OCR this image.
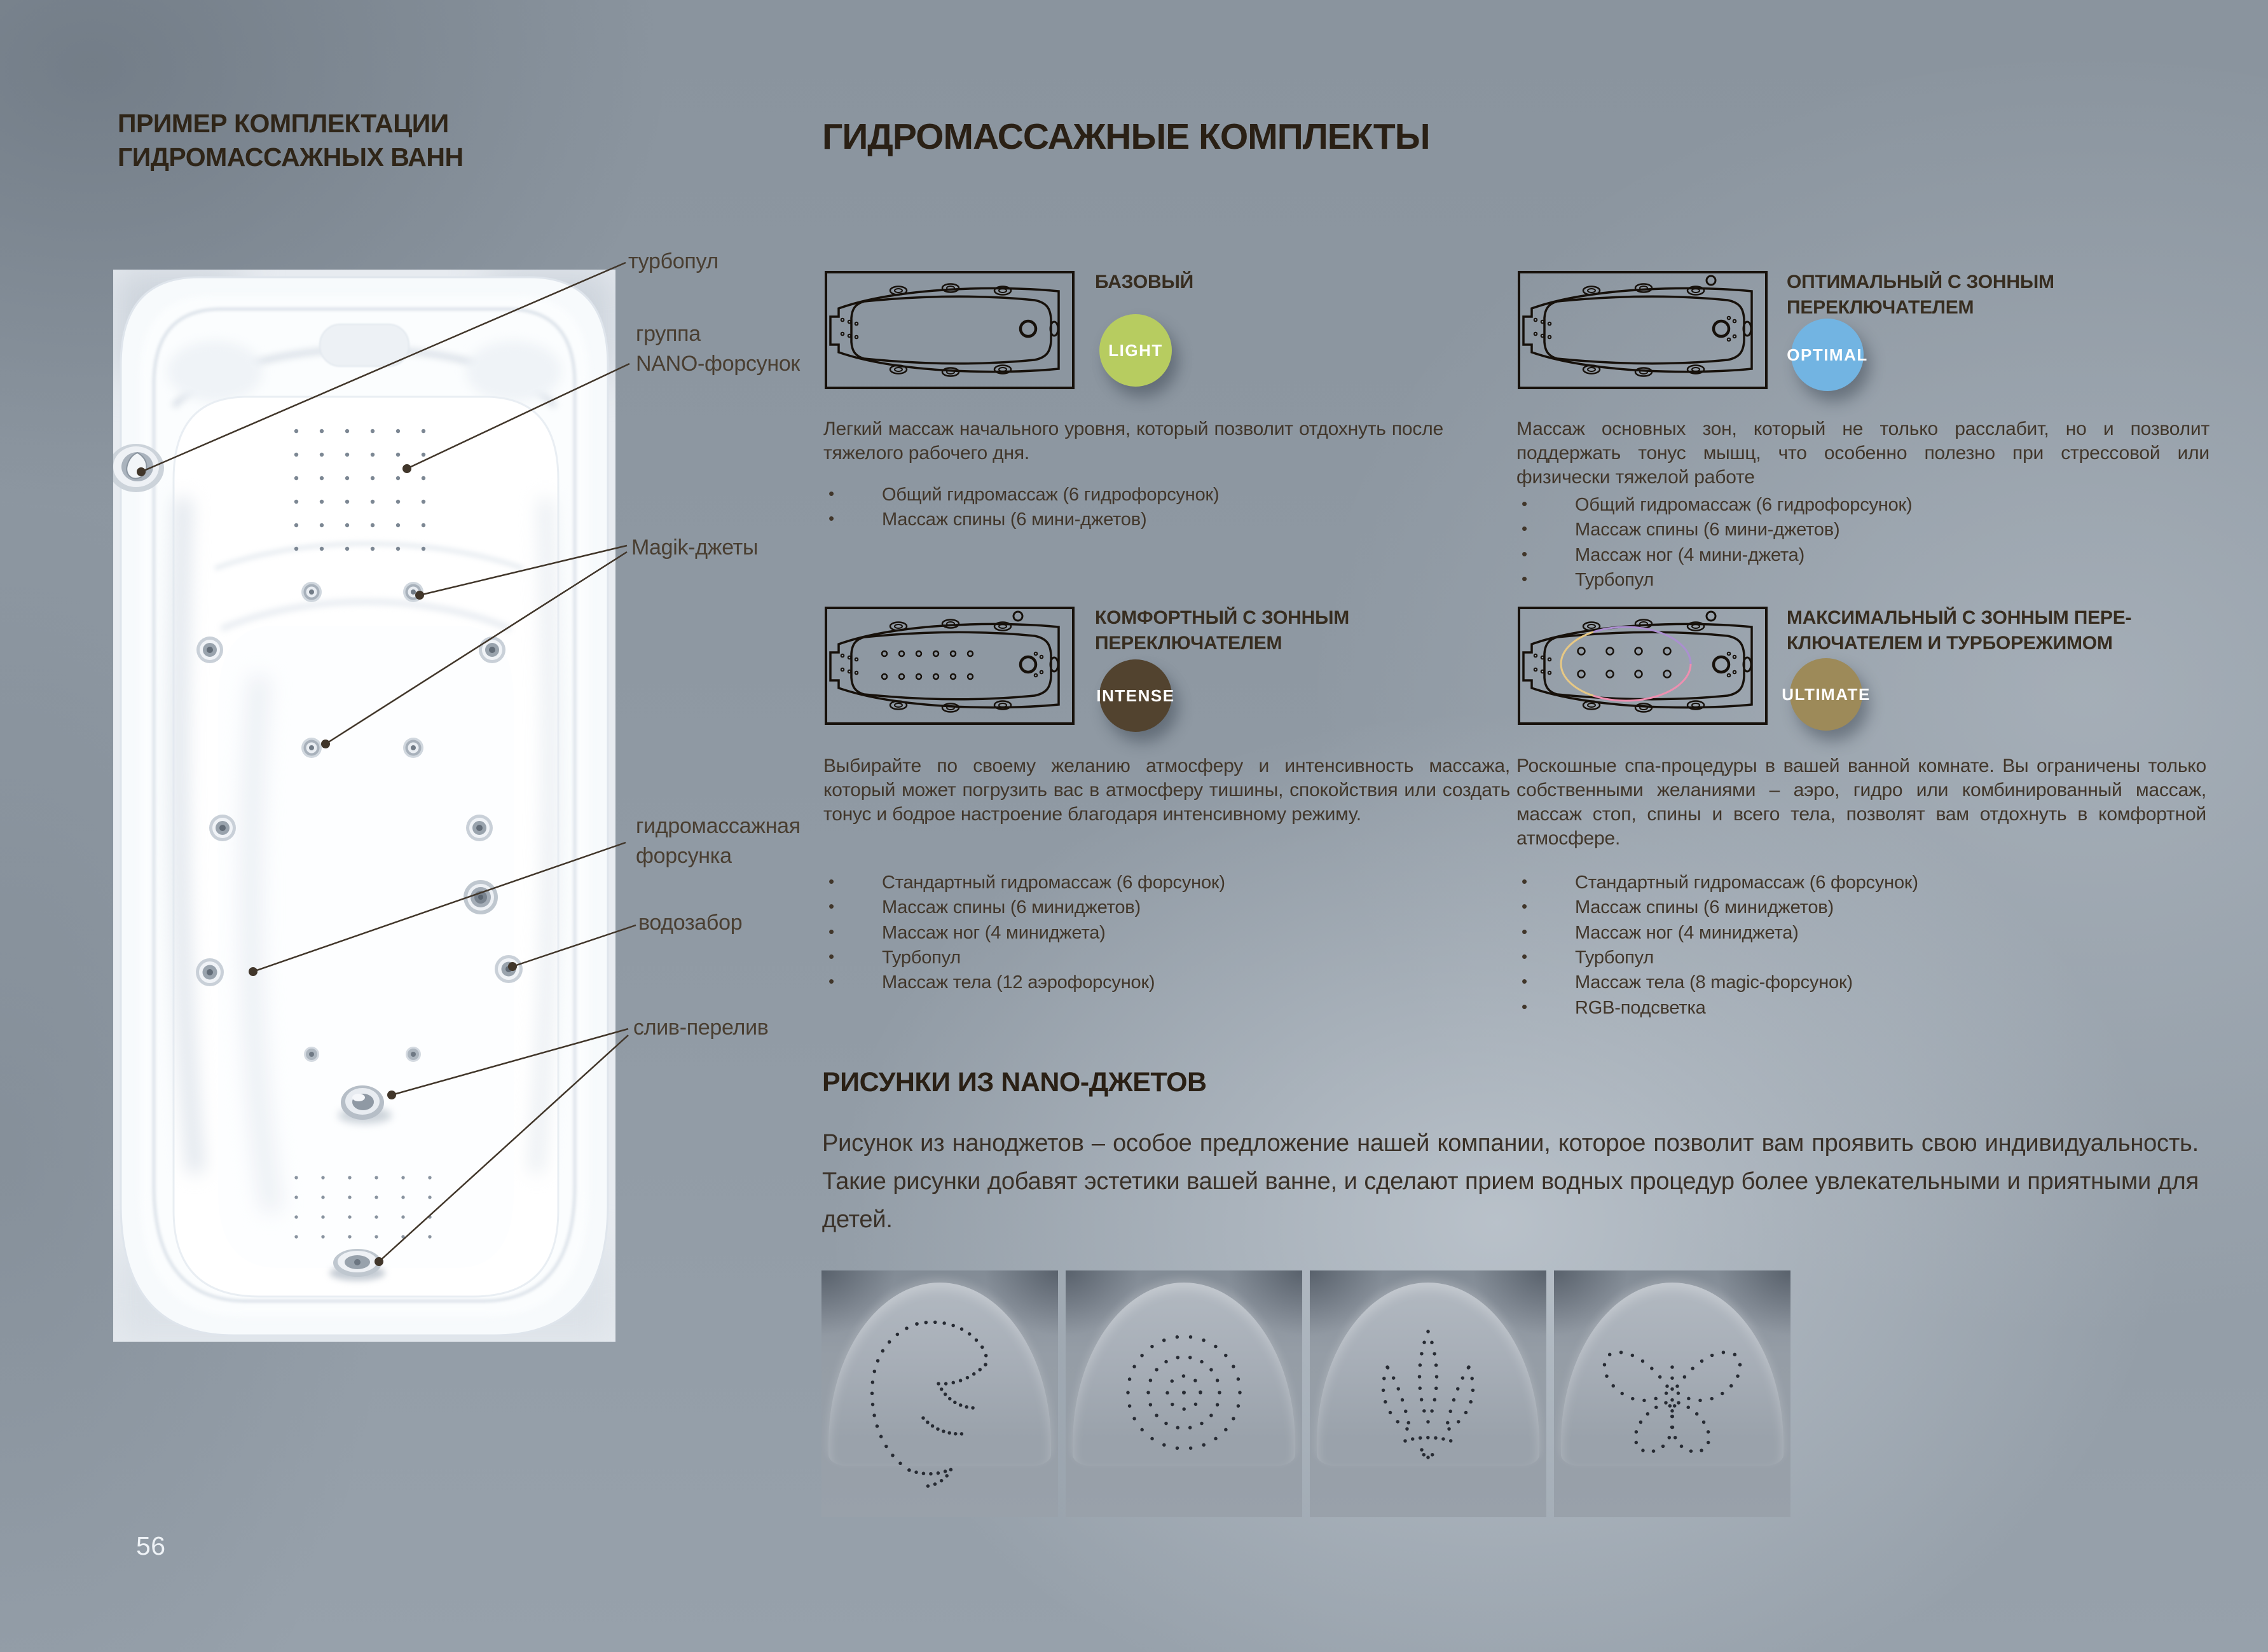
ПРИМЕР КОМПЛЕКТАЦИИ
ГИДРОМАССАЖНЫХ ВАНН
ГИДРОМАССАЖНЫЕ КОМПЛЕКТЫ
турбопул
группа
NANO-форсунок
Magik-джеты
гидромассажная
форсунка
водозабор
слив-перелив
БАЗОВЫЙ
LIGHT
Легкий массаж начального уровня, который позволит отдохнуть после тяжелого рабочего дня.
• Общий гидромассаж (6 гидрофорсунок)
• Массаж спины (6 мини-джетов)
ОПТИМАЛЬНЫЙ С ЗОННЫМ ПЕРЕКЛЮЧАТЕЛЕМ
OPTIMAL
Массаж основных зон, который не только расслабит, но и позволит поддержать тонус мышц, что особенно полезно при стрессовой или физически тяжелой работе
• Общий гидромассаж (6 гидрофорсунок)
• Массаж спины (6 мини-джетов)
• Массаж ног (4 мини-джета)
• Турбопул
КОМФОРТНЫЙ С ЗОННЫМ ПЕРЕКЛЮЧАТЕЛЕМ
INTENSE
Выбирайте по своему желанию атмосферу и интенсивность массажа, который может погрузить вас в атмосферу тишины, спокойствия или создать тонус и бодрое настроение благодаря интенсивному режиму.
• Стандартный гидромассаж (6 форсунок)
• Массаж спины (6 миниджетов)
• Массаж ног (4 миниджета)
• Турбопул
• Массаж тела (12 аэрофорсунок)
МАКСИМАЛЬНЫЙ С ЗОННЫМ ПЕРЕ-КЛЮЧАТЕЛЕМ И ТУРБОРЕЖИМОМ
ULTIMATE
Роскошные спа-процедуры в вашей ванной комнате. Вы ограничены только собственными желаниями – аэро, гидро или комбинированный массаж, массаж стоп, спины и всего тела, позволят вам отдохнуть в комфортной атмосфере.
• Стандартный гидромассаж (6 форсунок)
• Массаж спины (6 миниджетов)
• Массаж ног (4 миниджета)
• Турбопул
• Массаж тела (8 magic-форсунок)
• RGB-подсветка
РИСУНКИ ИЗ NANO-ДЖЕТОВ
Рисунок из наноджетов – особое предложение нашей компании, которое позволит вам проявить свою индивидуальность. Такие рисунки добавят эстетики вашей ванне, и сделают прием водных процедур более увлекательными и приятными для детей.
56
